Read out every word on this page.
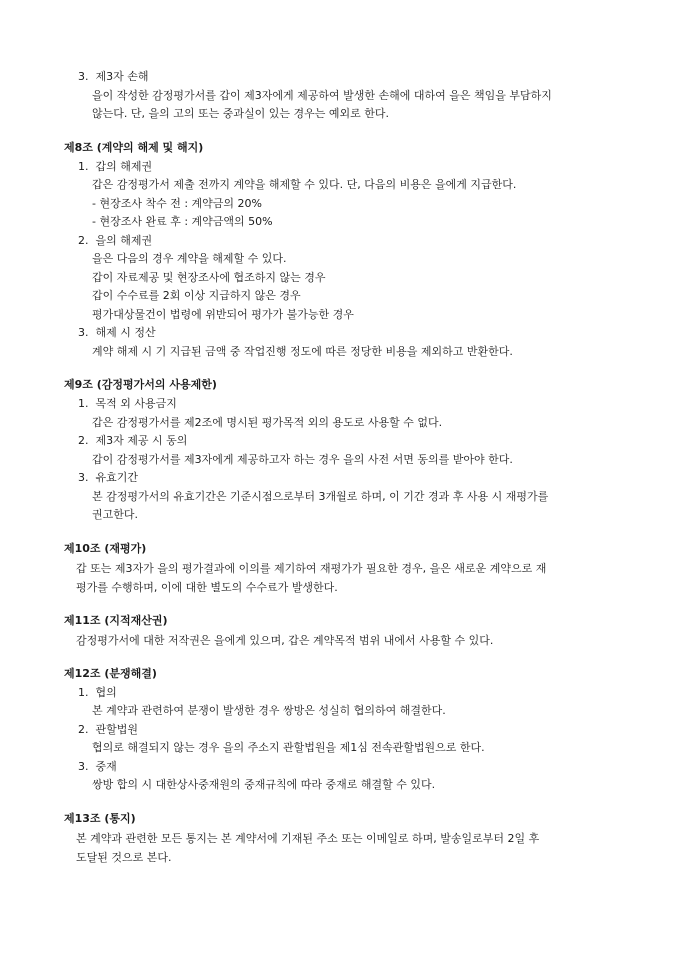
3. 제3자 손해
을이 작성한 감정평가서를 갑이 제3자에게 제공하여 발생한 손해에 대하여 을은 책임을 부담하지
않는다. 단, 을의 고의 또는 중과실이 있는 경우는 예외로 한다.
제8조 (계약의 해제 및 해지)
1. 갑의 해제권
갑은 감정평가서 제출 전까지 계약을 해제할 수 있다. 단, 다음의 비용은 을에게 지급한다.
- 현장조사 착수 전 : 계약금의 20%
- 현장조사 완료 후 : 계약금액의 50%
2. 을의 해제권
을은 다음의 경우 계약을 해제할 수 있다.
갑이 자료제공 및 현장조사에 협조하지 않는 경우
갑이 수수료를 2회 이상 지급하지 않은 경우
평가대상물건이 법령에 위반되어 평가가 불가능한 경우
3. 해제 시 정산
계약 해제 시 기 지급된 금액 중 작업진행 정도에 따른 정당한 비용을 제외하고 반환한다.
제9조 (감정평가서의 사용제한)
1. 목적 외 사용금지
갑은 감정평가서를 제2조에 명시된 평가목적 외의 용도로 사용할 수 없다.
2. 제3자 제공 시 동의
갑이 감정평가서를 제3자에게 제공하고자 하는 경우 을의 사전 서면 동의를 받아야 한다.
3. 유효기간
본 감정평가서의 유효기간은 기준시점으로부터 3개월로 하며, 이 기간 경과 후 사용 시 재평가를
권고한다.
제10조 (재평가)
갑 또는 제3자가 을의 평가결과에 이의를 제기하여 재평가가 필요한 경우, 을은 새로운 계약으로 재
평가를 수행하며, 이에 대한 별도의 수수료가 발생한다.
제11조 (지적재산권)
감정평가서에 대한 저작권은 을에게 있으며, 갑은 계약목적 범위 내에서 사용할 수 있다.
제12조 (분쟁해결)
1. 협의
본 계약과 관련하여 분쟁이 발생한 경우 쌍방은 성실히 협의하여 해결한다.
2. 관할법원
협의로 해결되지 않는 경우 을의 주소지 관할법원을 제1심 전속관할법원으로 한다.
3. 중재
쌍방 합의 시 대한상사중재원의 중재규칙에 따라 중재로 해결할 수 있다.
제13조 (통지)
본 계약과 관련한 모든 통지는 본 계약서에 기재된 주소 또는 이메일로 하며, 발송일로부터 2일 후
도달된 것으로 본다.
